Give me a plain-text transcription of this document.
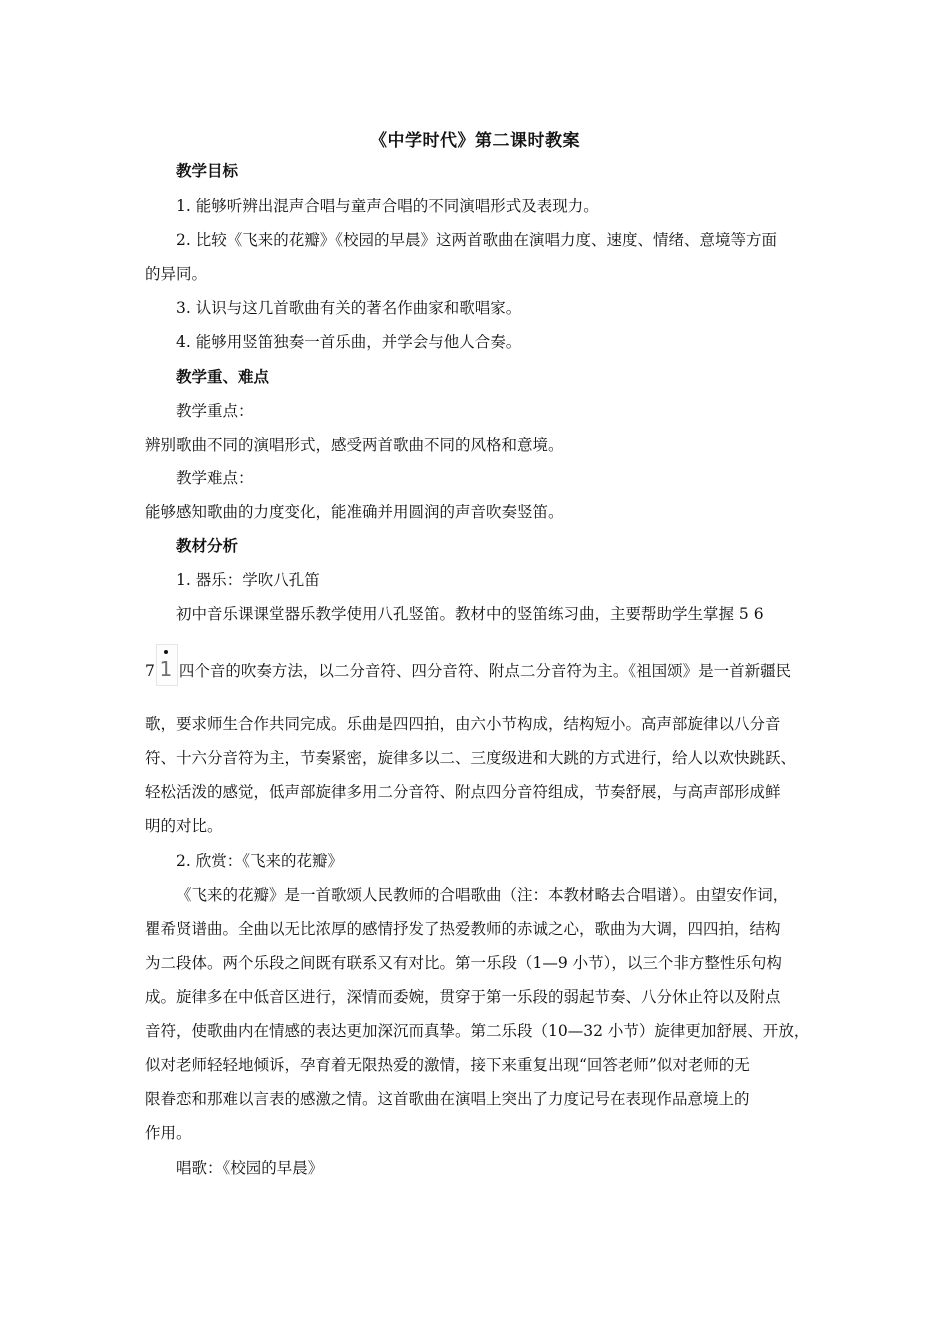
《中学时代》第二课时教案
教学目标
1. 能够听辨出混声合唱与童声合唱的不同演唱形式及表现力。
2. 比较《飞来的花瓣》《校园的早晨》这两首歌曲在演唱力度、速度、情绪、意境等方面
的异同。
3. 认识与这几首歌曲有关的著名作曲家和歌唱家。
4. 能够用竖笛独奏一首乐曲，并学会与他人合奏。
教学重、难点
教学重点：
辨别歌曲不同的演唱形式，感受两首歌曲不同的风格和意境。
教学难点：
能够感知歌曲的力度变化，能准确并用圆润的声音吹奏竖笛。
教材分析
1. 器乐：学吹八孔笛
初中音乐课课堂器乐教学使用八孔竖笛。教材中的竖笛练习曲，主要帮助学生掌握 5 6
7 1 四个音的吹奏方法，以二分音符、四分音符、附点二分音符为主。《祖国颂》是一首新疆民
歌，要求师生合作共同完成。乐曲是四四拍，由六小节构成，结构短小。高声部旋律以八分音
符、十六分音符为主，节奏紧密，旋律多以二、三度级进和大跳的方式进行，给人以欢快跳跃、
轻松活泼的感觉，低声部旋律多用二分音符、附点四分音符组成，节奏舒展，与高声部形成鲜
明的对比。
2. 欣赏：《飞来的花瓣》
《飞来的花瓣》是一首歌颂人民教师的合唱歌曲（注：本教材略去合唱谱）。由望安作词，
瞿希贤谱曲。全曲以无比浓厚的感情抒发了热爱教师的赤诚之心，歌曲为大调，四四拍，结构
为二段体。两个乐段之间既有联系又有对比。第一乐段（1—9 小节），以三个非方整性乐句构
成。旋律多在中低音区进行，深情而委婉，贯穿于第一乐段的弱起节奏、八分休止符以及附点
音符，使歌曲内在情感的表达更加深沉而真挚。第二乐段（10—32 小节）旋律更加舒展、开放，
似对老师轻轻地倾诉，孕育着无限热爱的激情，接下来重复出现“回答老师”似对老师的无
限眷恋和那难以言表的感激之情。这首歌曲在演唱上突出了力度记号在表现作品意境上的
作用。
唱歌：《校园的早晨》
